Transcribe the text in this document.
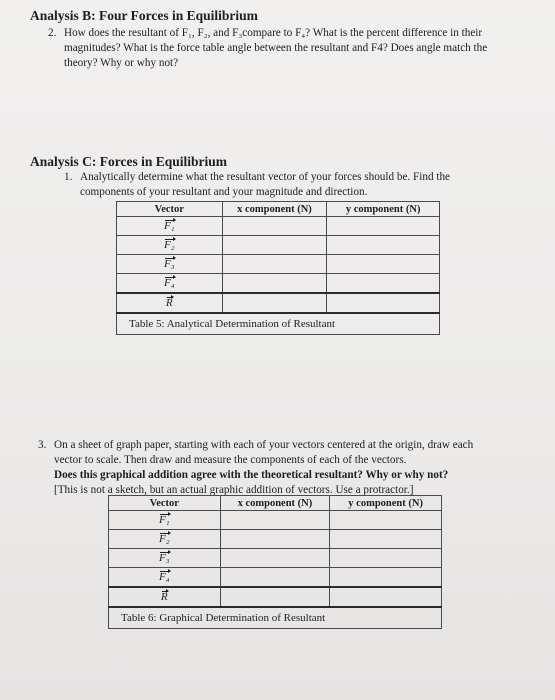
Analysis B: Four Forces in Equilibrium
2. How does the resultant of F₁, F₂, and F₃compare to F₄? What is the percent difference in their

magnitudes? What is the force table angle between the resultant and F4? Does angle match the

theory? Why or why not?

Analysis C: Forces in Equilibrium
1. Analytically determine what the resultant vector of your forces should be. Find the

components of your resultant and your magnitude and direction.

Vector	x component (N)	y component (N)
F₁		
F₂		
F₃		
F₄		
R		
Table 5: Analytical Determination of Resultant		
3. On a sheet of graph paper, starting with each of your vectors centered at the origin, draw each

vector to scale. Then draw and measure the components of each of the vectors.

Does this graphical addition agree with the theoretical resultant? Why or why not?

[This is not a sketch, but an actual graphic addition of vectors. Use a protractor.]

Vector	x component (N)	y component (N)
F₁		
F₂		
F₃		
F₄		
R		
Table 6: Graphical Determination of Resultant		
